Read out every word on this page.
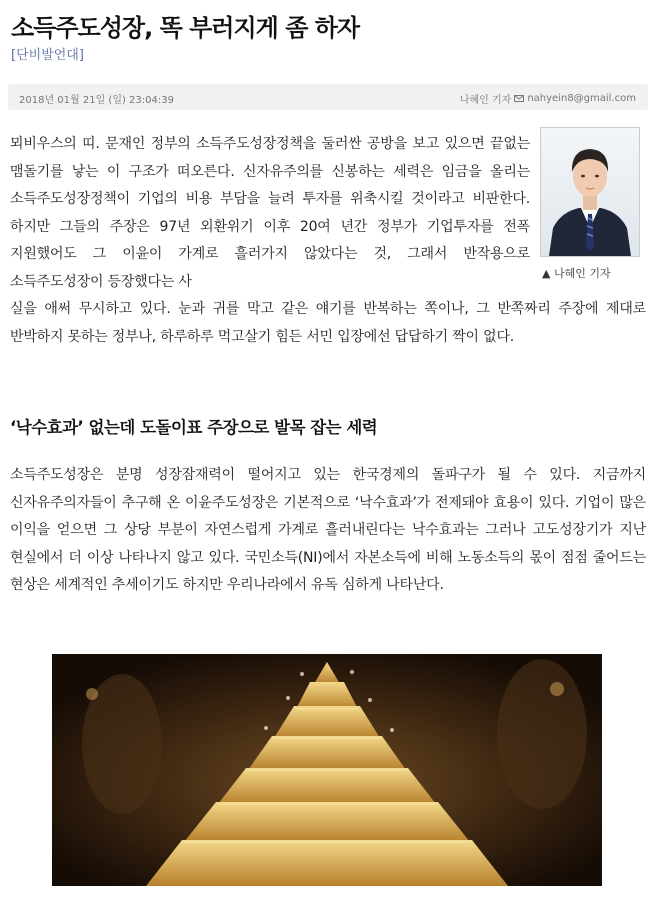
소득주도성장, 똑 부러지게 좀 하자
[단비발언대]
2018년 01월 21일 (일) 23:04:39	나혜인 기자 nahyein8@gmail.com
▲ 나혜인 기자

뫼비우스의 띠. 문재인 정부의 소득주도성장정책을 둘러싼 공방을 보고 있으면 끝없는 맴돌기를 낳는 이 구조가 떠오른다. 신자유주의를 신봉하는 세력은 임금을 올리는 소득주도성장정책이 기업의 비용 부담을 늘려 투자를 위축시킬 것이라고 비판한다. 하지만 그들의 주장은 97년 외환위기 이후 20여 년간 정부가 기업투자를 전폭 지원했어도 그 이윤이 가계로 흘러가지 않았다는 것, 그래서 반작용으로 소득주도성장이 등장했다는 사

실을 애써 무시하고 있다. 눈과 귀를 막고 같은 얘기를 반복하는 쪽이나, 그 반쪽짜리 주장에 제대로 반박하지 못하는 정부나, 하루하루 먹고살기 힘든 서민 입장에선 답답하기 짝이 없다.

‘낙수효과’ 없는데 도돌이표 주장으로 발목 잡는 세력

소득주도성장은 분명 성장잠재력이 떨어지고 있는 한국경제의 돌파구가 될 수 있다. 지금까지 신자유주의자들이 추구해 온 이윤주도성장은 기본적으로 ‘낙수효과’가 전제돼야 효용이 있다. 기업이 많은 이익을 얻으면 그 상당 부분이 자연스럽게 가계로 흘러내린다는 낙수효과는 그러나 고도성장기가 지난 현실에서 더 이상 나타나지 않고 있다. 국민소득(NI)에서 자본소득에 비해 노동소득의 몫이 점점 줄어드는 현상은 세계적인 추세이기도 하지만 우리나라에서 유독 심하게 나타난다.
